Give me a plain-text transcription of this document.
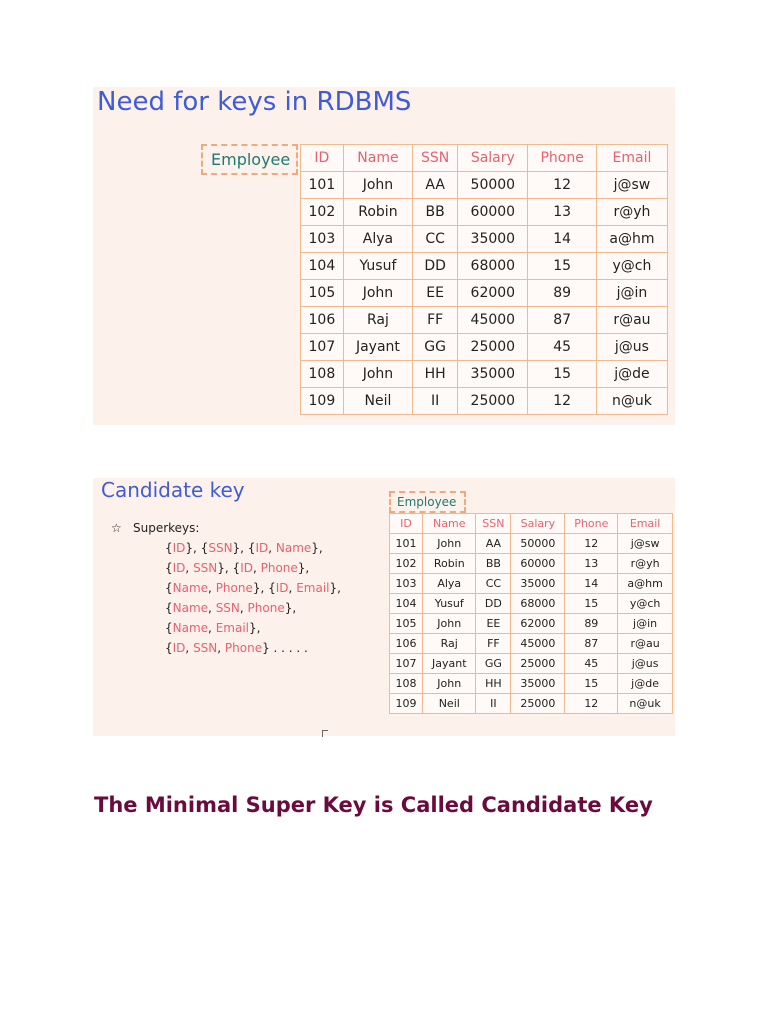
Need for keys in RDBMS
Employee	ID	Name	SSN	Salary	Phone	Email
101	John	AA	50000	12	j@sw
102	Robin	BB	60000	13	r@yh
103	Alya	CC	35000	14	a@hm
104	Yusuf	DD	68000	15	y@ch
105	John	EE	62000	89	j@in
106	Raj	FF	45000	87	r@au
107	Jayant	GG	25000	45	j@us
108	John	HH	35000	15	j@de
109	Neil	II	25000	12	n@uk
Candidate key
☆ Superkeys:
{ID}, {SSN}, {ID, Name},
{ID, SSN}, {ID, Phone},
{Name, Phone}, {ID, Email},
{Name, SSN, Phone},
{Name, Email},
{ID, SSN, Phone} . . . . .
Employee
ID	Name	SSN	Salary	Phone	Email
101	John	AA	50000	12	j@sw
102	Robin	BB	60000	13	r@yh
103	Alya	CC	35000	14	a@hm
104	Yusuf	DD	68000	15	y@ch
105	John	EE	62000	89	j@in
106	Raj	FF	45000	87	r@au
107	Jayant	GG	25000	45	j@us
108	John	HH	35000	15	j@de
109	Neil	II	25000	12	n@uk
The Minimal Super Key is Called Candidate Key
